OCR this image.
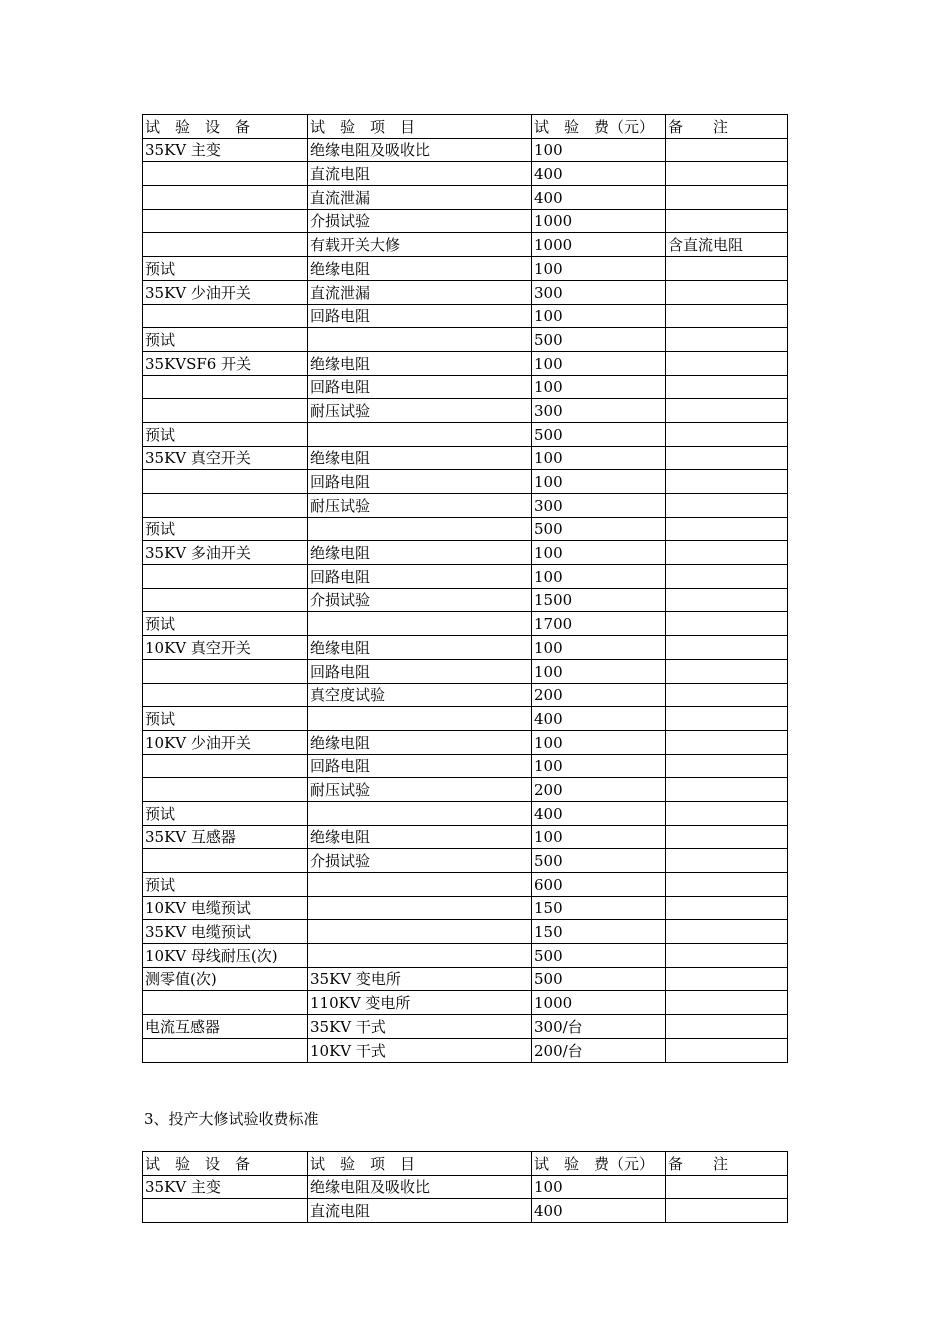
试　验　设　备	试　验　项　目	试　验　费（元）	备　　注
35KV 主变	绝缘电阻及吸收比	100	
	直流电阻	400	
	直流泄漏	400	
	介损试验	1000	
	有载开关大修	1000	含直流电阻
预试	绝缘电阻	100	
35KV 少油开关	直流泄漏	300	
	回路电阻	100	
预试		500	
35KVSF6 开关	绝缘电阻	100	
	回路电阻	100	
	耐压试验	300	
预试		500	
35KV 真空开关	绝缘电阻	100	
	回路电阻	100	
	耐压试验	300	
预试		500	
35KV 多油开关	绝缘电阻	100	
	回路电阻	100	
	介损试验	1500	
预试		1700	
10KV 真空开关	绝缘电阻	100	
	回路电阻	100	
	真空度试验	200	
预试		400	
10KV 少油开关	绝缘电阻	100	
	回路电阻	100	
	耐压试验	200	
预试		400	
35KV 互感器	绝缘电阻	100	
	介损试验	500	
预试		600	
10KV 电缆预试		150	
35KV 电缆预试		150	
10KV 母线耐压(次)		500	
测零值(次)	35KV 变电所	500	
	110KV 变电所	1000	
电流互感器	35KV 干式	300/台	
	10KV 干式	200/台	
3、投产大修试验收费标准
试　验　设　备	试　验　项　目	试　验　费（元）	备　　注
35KV 主变	绝缘电阻及吸收比	100	
	直流电阻	400	
